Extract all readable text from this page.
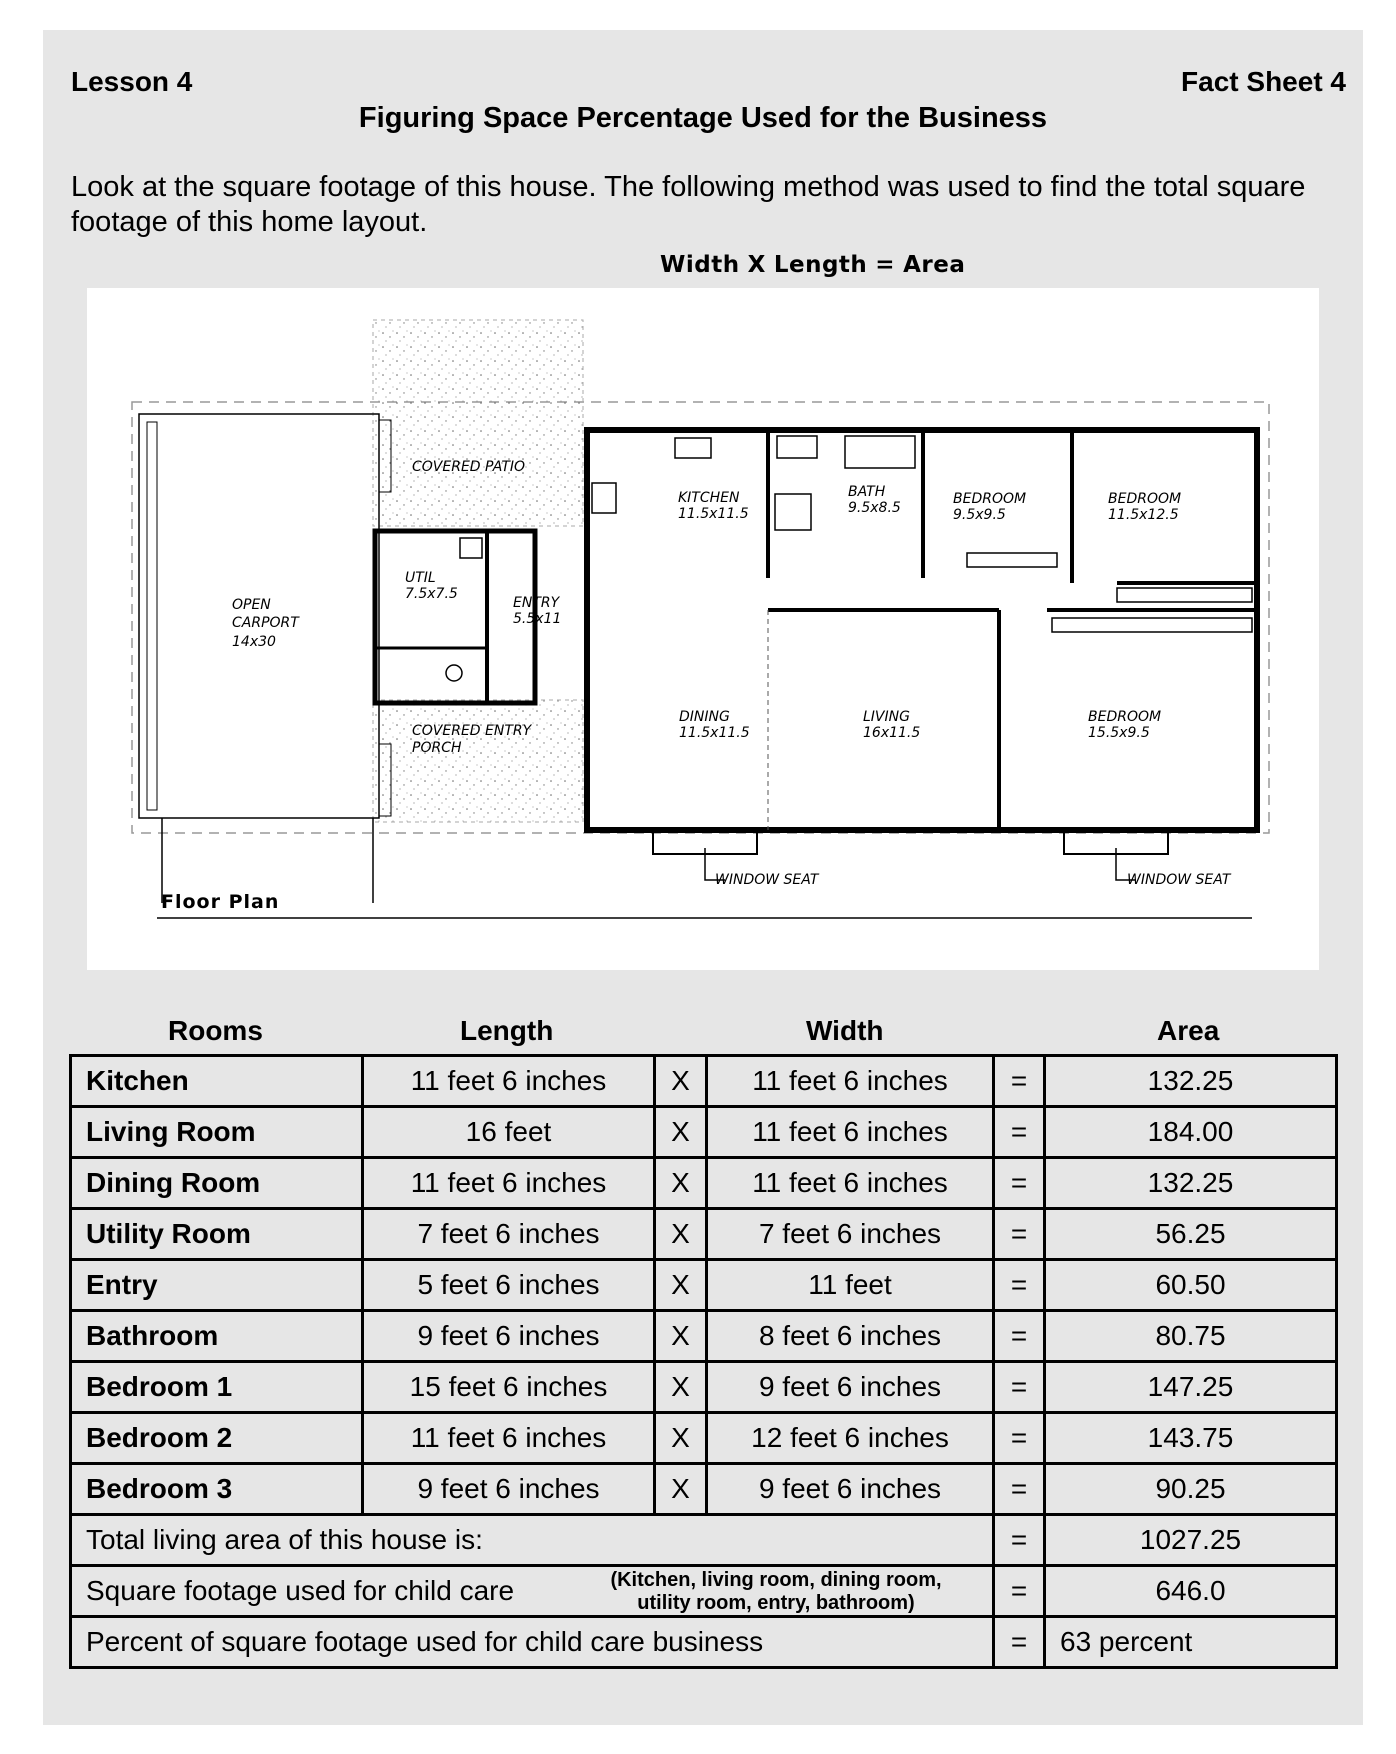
Lesson 4	Fact Sheet 4
Figuring Space Percentage Used for the Business
Look at the square footage of this house. The following method was used to find the total square footage of this home layout.
Width X Length = Area
COVERED PATIO
KITCHEN
11.5x11.5
BATH
9.5x8.5
BEDROOM
9.5x9.5
BEDROOM
11.5x12.5
UTIL
7.5x7.5
ENTRY
5.5x11
OPEN
CARPORT
14x30
COVERED ENTRY
PORCH
DINING
11.5x11.5
LIVING
16x11.5
BEDROOM
15.5x9.5
WINDOW SEAT	WINDOW SEAT
Floor Plan
Rooms	Length	Width	Area
Kitchen	11 feet 6 inches	X	11 feet 6 inches	=	132.25
Living Room	16 feet	X	11 feet 6 inches	=	184.00
Dining Room	11 feet 6 inches	X	11 feet 6 inches	=	132.25
Utility Room	7 feet 6 inches	X	7 feet 6 inches	=	56.25
Entry	5 feet 6 inches	X	11 feet	=	60.50
Bathroom	9 feet 6 inches	X	8 feet 6 inches	=	80.75
Bedroom 1	15 feet 6 inches	X	9 feet 6 inches	=	147.25
Bedroom 2	11 feet 6 inches	X	12 feet 6 inches	=	143.75
Bedroom 3	9 feet 6 inches	X	9 feet 6 inches	=	90.25
Total living area of this house is:				=	1027.25
Square footage used for child care (Kitchen, living room, dining room, utility room, entry, bathroom)				=	646.0
Percent of square footage used for child care business				=	63 percent
